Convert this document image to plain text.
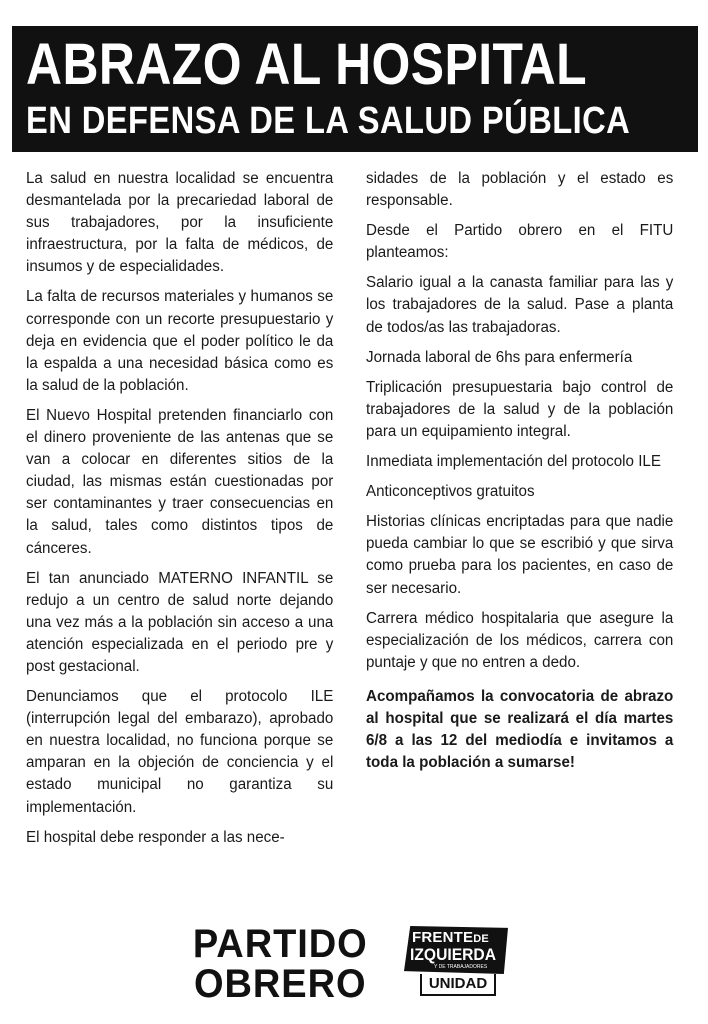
ABRAZO AL HOSPITAL
EN DEFENSA DE LA SALUD PÚBLICA

La salud en nuestra localidad se encuentra desmantelada por la precariedad laboral de sus trabajadores, por la insuficiente infraestructura, por la falta de médicos, de insumos y de especialidades.

La falta de recursos materiales y humanos se corresponde con un recorte presupuestario y deja en evidencia que el poder político le da la espalda a una necesidad básica como es la salud de la población.

El Nuevo Hospital pretenden financiarlo con el dinero proveniente de las antenas que se van a colocar en diferentes sitios de la ciudad, las mismas están cuestionadas por ser contaminantes y traer consecuencias en la salud, tales como distintos tipos de cánceres.

El tan anunciado MATERNO INFANTIL se redujo a un centro de salud norte dejando una vez más a la población sin acceso a una atención especializada en el periodo pre y post gestacional.

Denunciamos que el protocolo ILE (interrupción legal del embarazo), aprobado en nuestra localidad, no funciona porque se amparan en la objeción de conciencia y el estado municipal no garantiza su implementación.

El hospital debe responder a las nece-

sidades de la población y el estado es responsable.

Desde el Partido obrero en el FITU planteamos:

Salario igual a la canasta familiar para las y los trabajadores de la salud. Pase a planta de todos/as las trabajadoras.

Jornada laboral de 6hs para enfermería

Triplicación presupuestaria bajo control de trabajadores de la salud y de la población para un equipamiento integral.

Inmediata implementación del protocolo ILE

Anticonceptivos gratuitos

Historias clínicas encriptadas para que nadie pueda cambiar lo que se escribió y que sirva como prueba para los pacientes, en caso de ser necesario.

Carrera médico hospitalaria que asegure la especialización de los médicos, carrera con puntaje y que no entren a dedo.

Acompañamos la convocatoria de abrazo al hospital que se realizará el día martes 6/8 a las 12 del mediodía e invitamos a toda la población a sumarse!

PARTIDO
OBRERO
FRENTEDE
IZQUIERDA
Y DE TRABAJADORES
UNIDAD
